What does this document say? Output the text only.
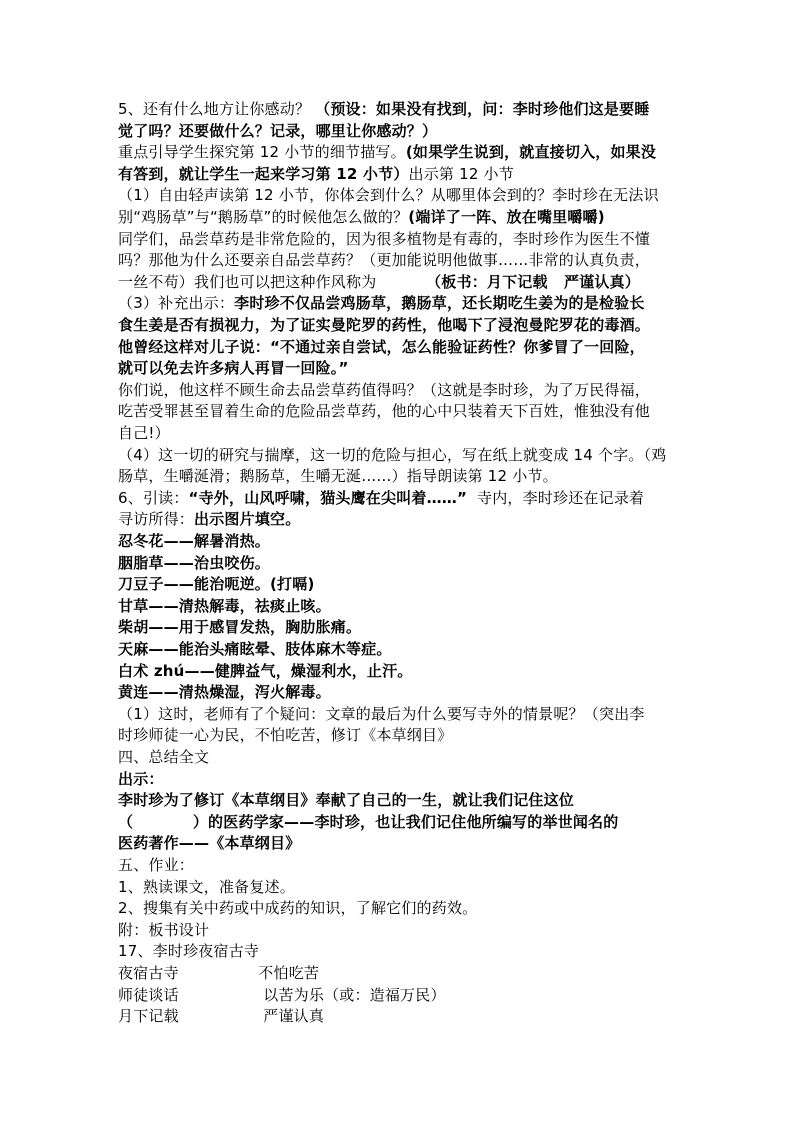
5、还有什么地方让你感动？ （预设：如果没有找到，问：李时珍他们这是要睡
觉了吗？还要做什么？记录，哪里让你感动？）
重点引导学生探究第 12 小节的细节描写。(如果学生说到，就直接切入，如果没
有答到，就让学生一起来学习第 12 小节）出示第 12 小节
（1）自由轻声读第 12 小节，你体会到什么？从哪里体会到的？李时珍在无法识
别“鸡肠草”与“鹅肠草”的时候他怎么做的？(端详了一阵、放在嘴里嚼嚼)
同学们，品尝草药是非常危险的，因为很多植物是有毒的，李时珍作为医生不懂
吗？那他为什么还要亲自品尝草药？（更加能说明他做事……非常的认真负责，
一丝不苟）我们也可以把这种作风称为          （板书：月下记载   严谨认真）
（3）补充出示：李时珍不仅品尝鸡肠草，鹅肠草，还长期吃生姜为的是检验长
食生姜是否有损视力，为了证实曼陀罗的药性，他喝下了浸泡曼陀罗花的毒酒。
他曾经这样对儿子说：“不通过亲自尝试，怎么能验证药性？你爹冒了一回险，
就可以免去许多病人再冒一回险。”
你们说，他这样不顾生命去品尝草药值得吗？（这就是李时珍，为了万民得福，
吃苦受罪甚至冒着生命的危险品尝草药，他的心中只装着天下百姓，惟独没有他
自己!）
（4）这一切的研究与揣摩，这一切的危险与担心，写在纸上就变成 14 个字。（鸡
肠草，生嚼涎滑；鹅肠草，生嚼无涎……）指导朗读第 12 小节。
6、引读：“寺外，山风呼啸，猫头鹰在尖叫着……”  寺内，李时珍还在记录着
寻访所得：出示图片填空。
忍冬花——解暑消热。
胭脂草——治虫咬伤。
刀豆子——能治呃逆。(打嗝)
甘草——清热解毒，祛痰止咳。
柴胡——用于感冒发热，胸肋胀痛。
天麻——能治头痛眩晕、肢体麻木等症。
白术 zhú——健脾益气，燥湿利水，止汗。
黄连——清热燥湿，泻火解毒。
（1）这时，老师有了个疑问：文章的最后为什么要写寺外的情景呢？（突出李
时珍师徒一心为民，不怕吃苦，修订《本草纲目》
四、总结全文
出示：
李时珍为了修订《本草纲目》奉献了自己的一生，就让我们记住这位
（           ）的医药学家——李时珍，也让我们记住他所编写的举世闻名的
医药著作——《本草纲目》
五、作业：
1、熟读课文，准备复述。
2、搜集有关中药或中成药的知识，了解它们的药效。
附：板书设计
17、李时珍夜宿古寺
夜宿古寺                不怕吃苦
师徒谈话                 以苦为乐（或：造福万民）
月下记载                 严谨认真
